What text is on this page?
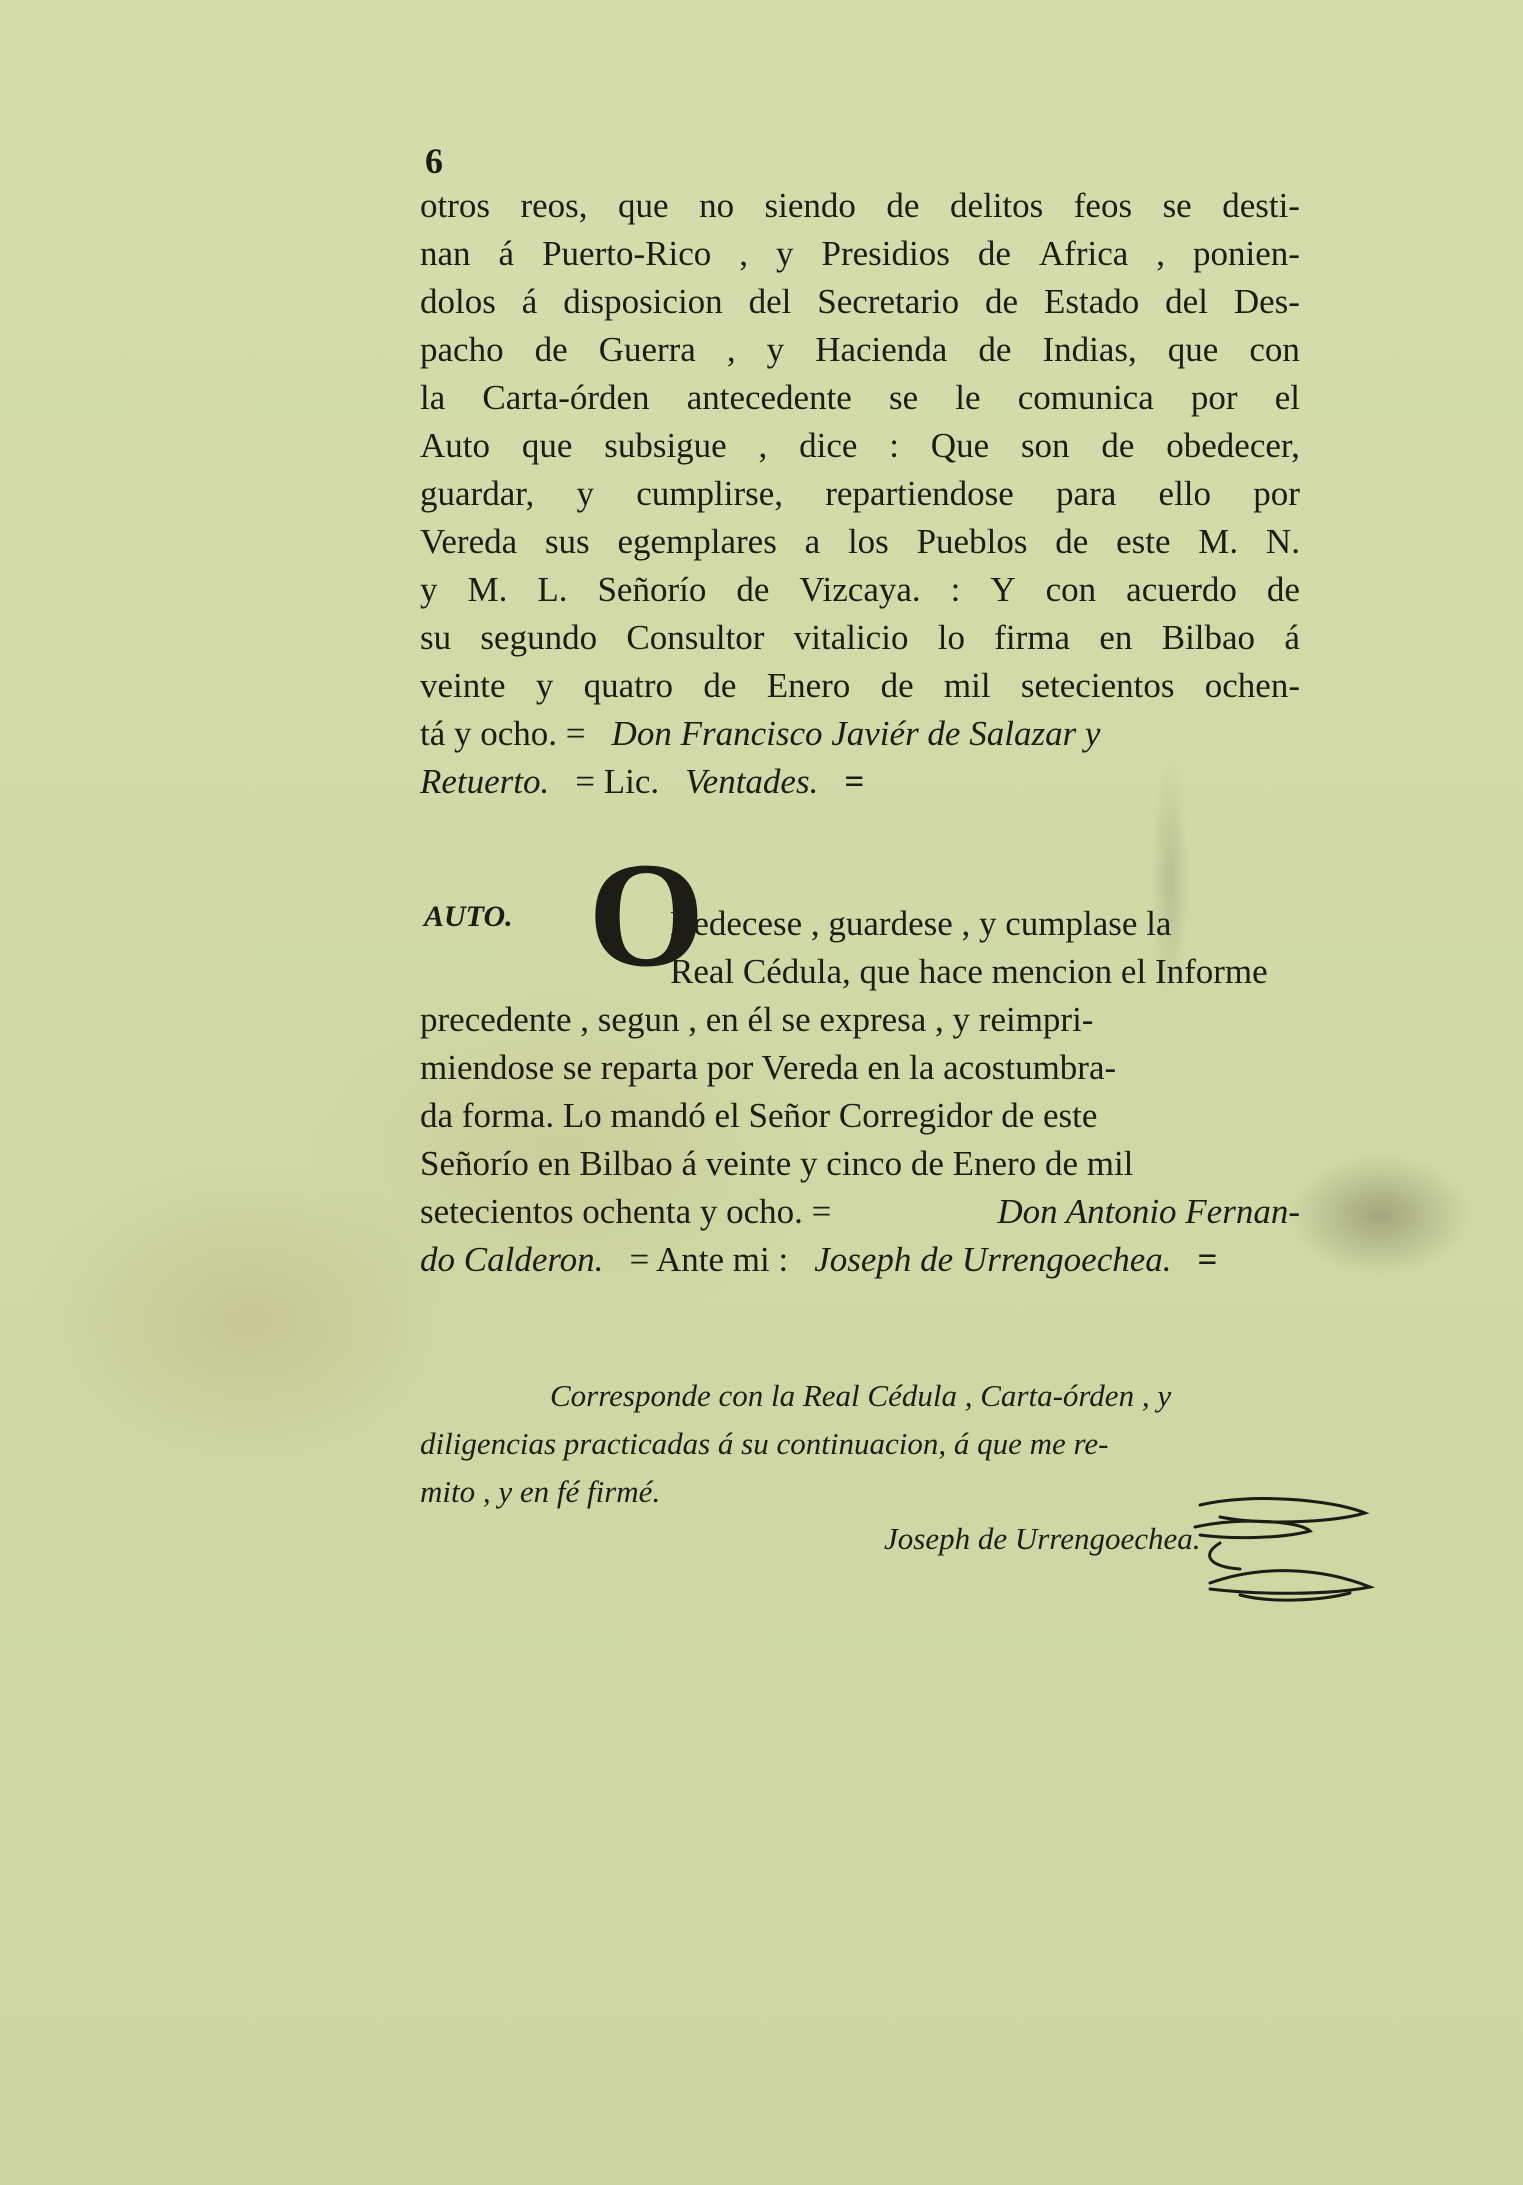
6
otros reos, que no siendo de delitos feos se desti-
nan á Puerto-Rico , y Presidios de Africa , ponien-
dolos á disposicion del Secretario de Estado del Des-
pacho de Guerra , y Hacienda de Indias, que con
la Carta-órden antecedente se le comunica por el
Auto que subsigue , dice : Que son de obedecer,
guardar, y cumplirse, repartiendose para ello por
Vereda sus egemplares a los Pueblos de este M. N.
y M. L. Señorío de Vizcaya. : Y con acuerdo de
su segundo Consultor vitalicio lo firma en Bilbao á
veinte y quatro de Enero de mil setecientos ochen-
tá y ocho. = Don Francisco Javiér de Salazar y
Retuerto. = Lic. Ventades. =
AUTO. O
Bedecese , guardese , y cumplase la
Real Cédula, que hace mencion el Informe
precedente , segun , en él se expresa , y reimpri-
miendose se reparta por Vereda en la acostumbra-
da forma. Lo mandó el Señor Corregidor de este
Señorío en Bilbao á veinte y cinco de Enero de mil
setecientos ochenta y ocho. =	Don Antonio Fernan-
do Calderon. = Ante mi : Joseph de Urrengoechea. =
Corresponde con la Real Cédula , Carta-órden , y
diligencias practicadas á su continuacion, á que me re-
mito , y en fé firmé.
Joseph de Urrengoechea.
